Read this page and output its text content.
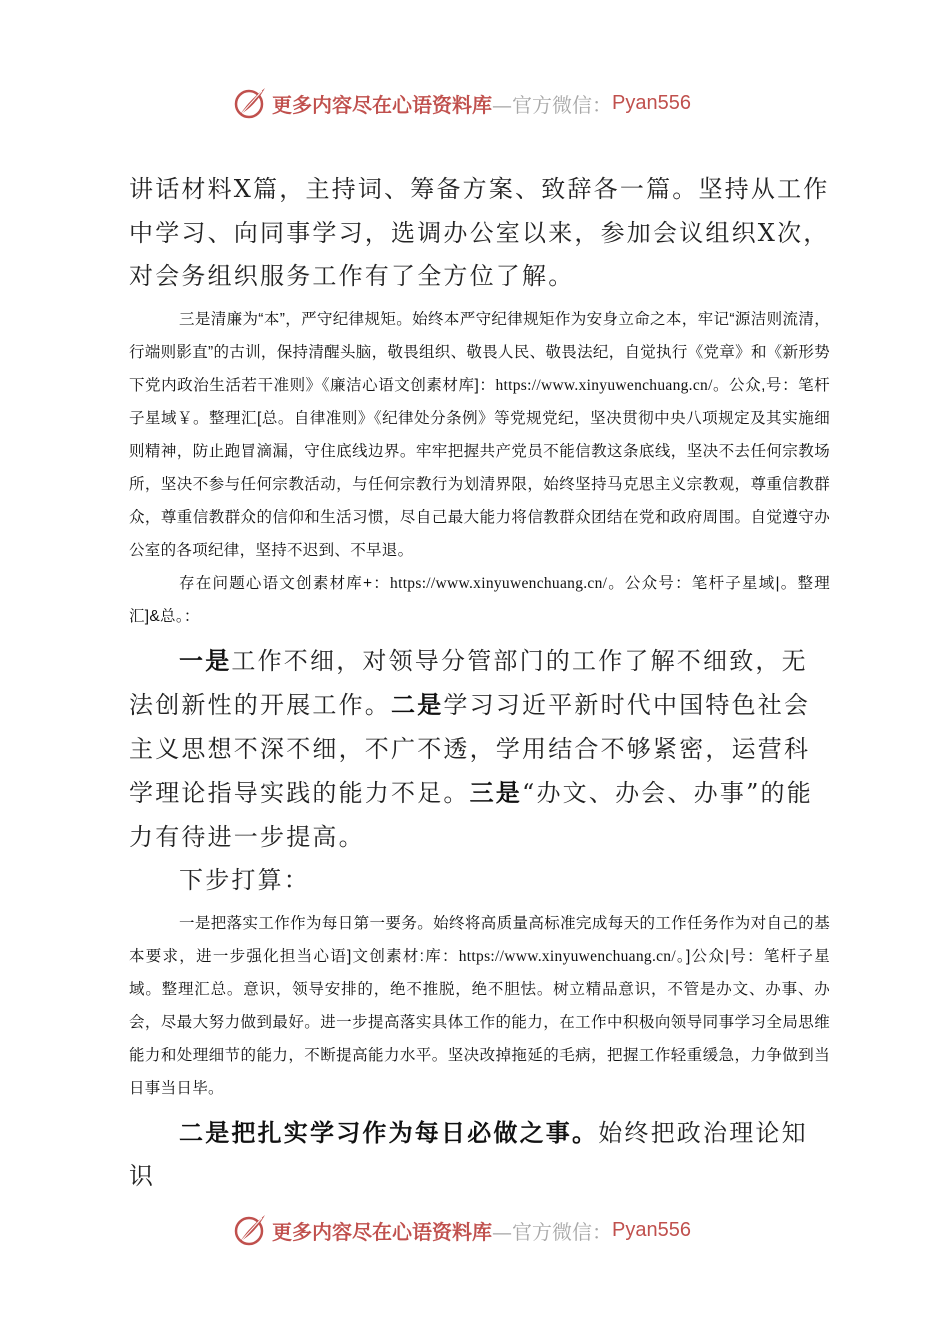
更多内容尽在心语资料库 —官方微信： Pyan556

讲话材料X篇，主持词、筹备方案、致辞各一篇。坚持从工作中学习、向同事学习，选调办公室以来，参加会议组织X次，对会务组织服务工作有了全方位了解。

三是清廉为“本”，严守纪律规矩。始终本严守纪律规矩作为安身立命之本，牢记“源洁则流清，行端则影直”的古训，保持清醒头脑，敬畏组织、敬畏人民、敬畏法纪，自觉执行《党章》和《新形势下党内政治生活若干准则》《廉洁心语文创素材库]：https://www.xinyuwenchuang.cn/。公众,号：笔杆子星域￥。整理汇[总。自律准则》《纪律处分条例》等党规党纪，坚决贯彻中央八项规定及其实施细则精神，防止跑冒滴漏，守住底线边界。牢牢把握共产党员不能信教这条底线，坚决不去任何宗教场所，坚决不参与任何宗教活动，与任何宗教行为划清界限，始终坚持马克思主义宗教观，尊重信教群众，尊重信教群众的信仰和生活习惯，尽自己最大能力将信教群众团结在党和政府周围。自觉遵守办公室的各项纪律，坚持不迟到、不早退。

存在问题心语文创素材库+：https://www.xinyuwenchuang.cn/。公众号：笔杆子星域|。整理汇]&总。：

一是工作不细，对领导分管部门的工作了解不细致，无法创新性的开展工作。二是学习习近平新时代中国特色社会主义思想不深不细，不广不透，学用结合不够紧密，运营科学理论指导实践的能力不足。三是“办文、办会、办事”的能力有待进一步提高。

下步打算：

一是把落实工作作为每日第一要务。始终将高质量高标准完成每天的工作任务作为对自己的基本要求，进一步强化担当心语]文创素材:库：https://www.xinyuwenchuang.cn/。]公众|号：笔杆子星域。整理汇总。意识，领导安排的，绝不推脱，绝不胆怯。树立精品意识，不管是办文、办事、办会，尽最大努力做到最好。进一步提高落实具体工作的能力，在工作中积极向领导同事学习全局思维能力和处理细节的能力，不断提高能力水平。坚决改掉拖延的毛病，把握工作轻重缓急，力争做到当日事当日毕。

二是把扎实学习作为每日必做之事。始终把政治理论知识

更多内容尽在心语资料库 —官方微信： Pyan556
